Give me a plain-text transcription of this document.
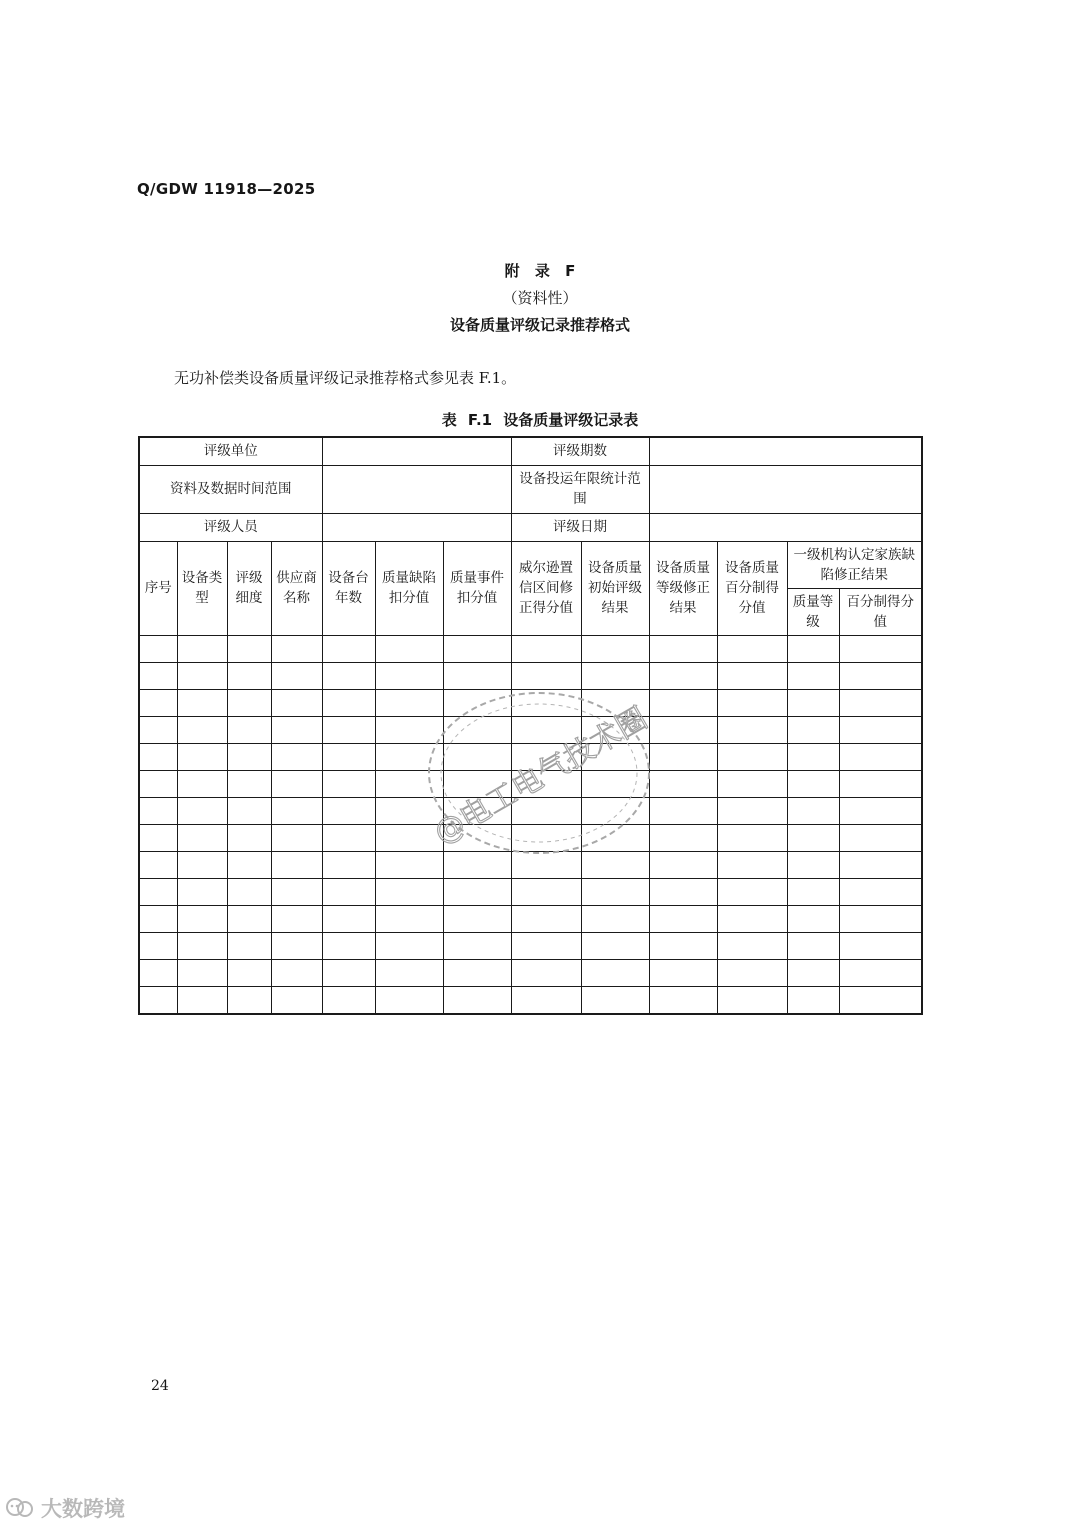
Q/GDW 11918—2025
附 录 F
（资料性）
设备质量评级记录推荐格式
无功补偿类设备质量评级记录推荐格式参见表 F.1。
表 F.1 设备质量评级记录表
评级单位							评级期数					
资料及数据时间范围							设备投运年限统计范围					
评级人员							评级日期					
序号	设备类型	评级细度	供应商名称	设备台年数	质量缺陷扣分值	质量事件扣分值	威尔逊置信区间修正得分值	设备质量初始评级结果	设备质量等级修正结果	设备质量百分制得分值	一级机构认定家族缺陷修正结果	
											质量等级	百分制得分值

@电工电气技术圈
24
大数跨境
